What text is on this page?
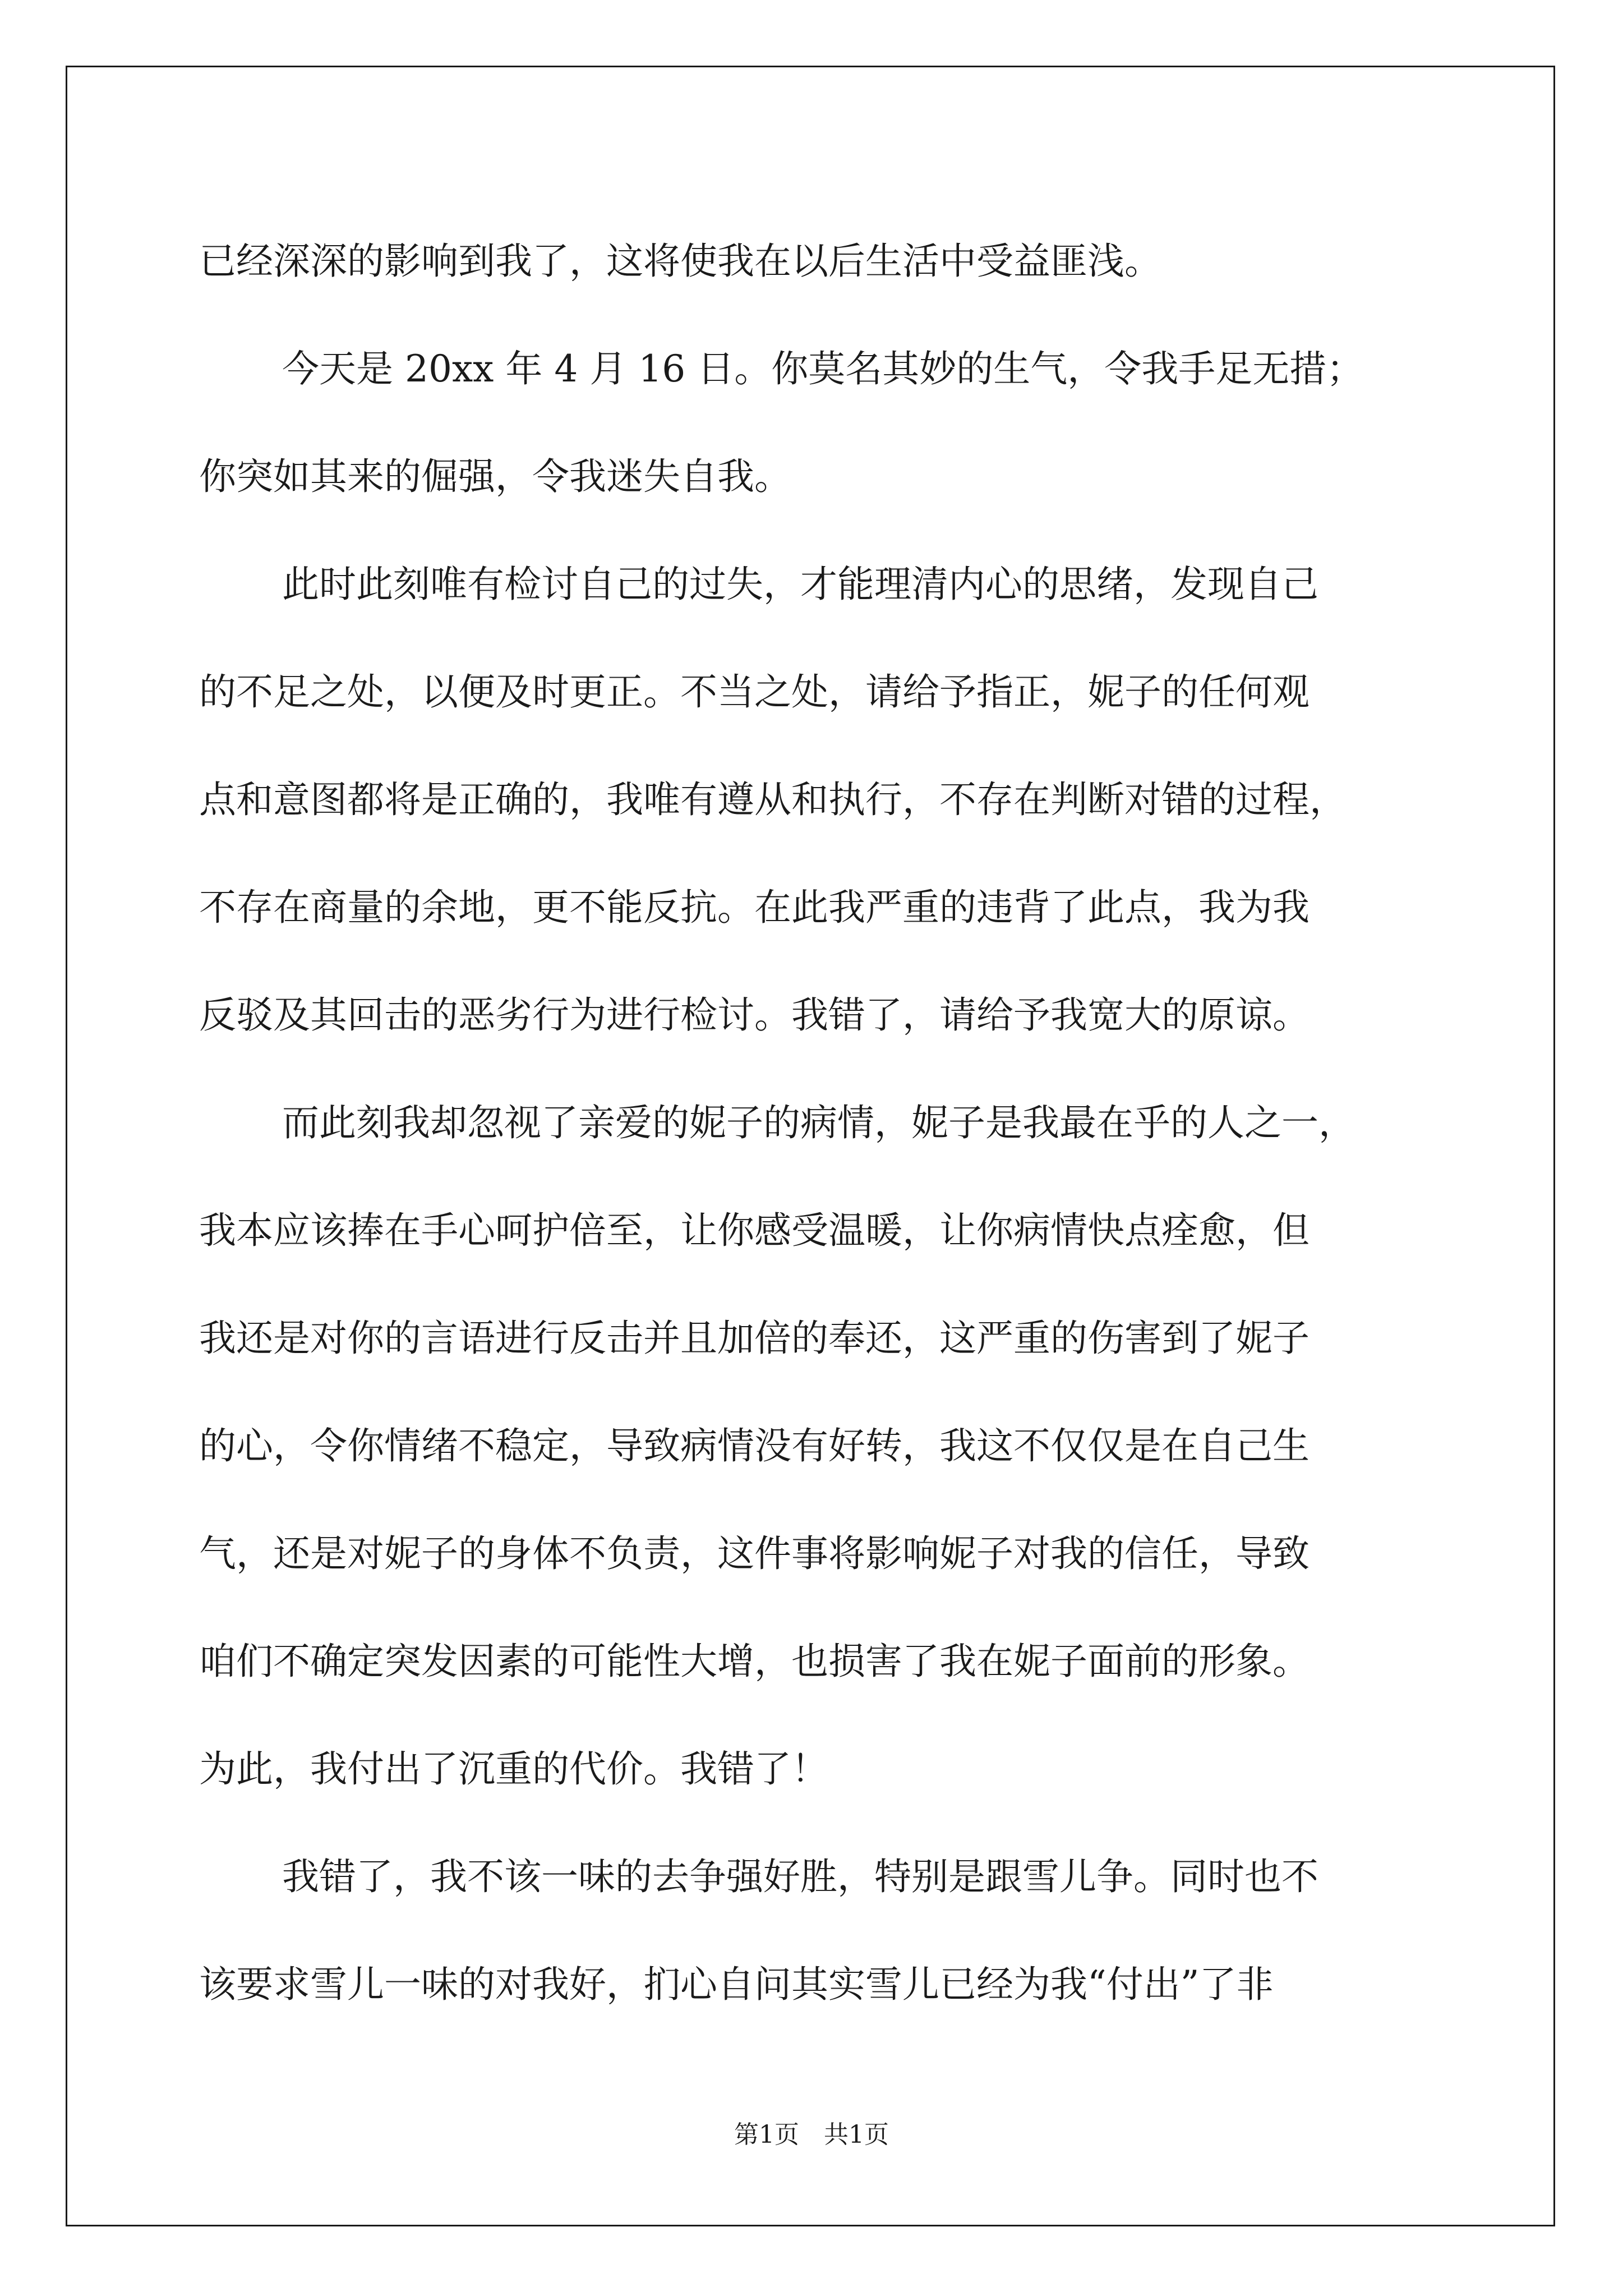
已经深深的影响到我了，这将使我在以后生活中受益匪浅。
今天是 20xx 年 4 月 16 日。你莫名其妙的生气，令我手足无措；
你突如其来的倔强，令我迷失自我。
此时此刻唯有检讨自己的过失，才能理清内心的思绪，发现自己
的不足之处，以便及时更正。不当之处，请给予指正，妮子的任何观
点和意图都将是正确的，我唯有遵从和执行，不存在判断对错的过程，
不存在商量的余地，更不能反抗。在此我严重的违背了此点，我为我
反驳及其回击的恶劣行为进行检讨。我错了，请给予我宽大的原谅。
而此刻我却忽视了亲爱的妮子的病情，妮子是我最在乎的人之一，
我本应该捧在手心呵护倍至，让你感受温暖，让你病情快点痊愈，但
我还是对你的言语进行反击并且加倍的奉还，这严重的伤害到了妮子
的心，令你情绪不稳定，导致病情没有好转，我这不仅仅是在自己生
气，还是对妮子的身体不负责，这件事将影响妮子对我的信任，导致
咱们不确定突发因素的可能性大增，也损害了我在妮子面前的形象。
为此，我付出了沉重的代价。我错了！
我错了，我不该一味的去争强好胜，特别是跟雪儿争。同时也不
该要求雪儿一味的对我好，扪心自问其实雪儿已经为我“付出”了非
第1页　共1页
